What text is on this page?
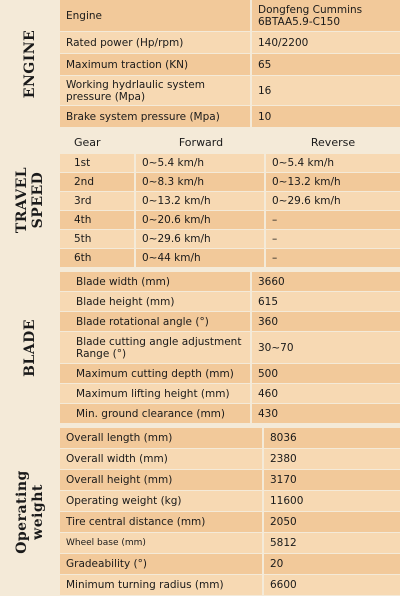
ENGINE
Engine	Dongfeng Cummins 6BTAA5.9-C150
Rated power (Hp/rpm)	140/2200
Maximum traction (KN)	65
Working hydrlaulic system pressure (Mpa)	16
Brake system pressure (Mpa)	10
TRAVEL SPEED
Gear	Forward	Reverse
1st	0~5.4 km/h	0~5.4 km/h
2nd	0~8.3 km/h	0~13.2 km/h
3rd	0~13.2 km/h	0~29.6 km/h
4th	0~20.6 km/h	–
5th	0~29.6 km/h	–
6th	0~44 km/h	–
BLADE
Blade width (mm)	3660
Blade height (mm)	615
Blade rotational angle (°)	360
Blade cutting angle adjustment Range (°)	30~70
Maximum cutting depth (mm)	500
Maximum lifting height (mm)	460
Min. ground clearance (mm)	430
Operating weight
Overall length (mm)	8036
Overall width (mm)	2380
Overall height (mm)	3170
Operating weight (kg)	11600
Tire central distance (mm)	2050
Wheel base (mm)	5812
Gradeability (°)	20
Minimum turning radius (mm)	6600
